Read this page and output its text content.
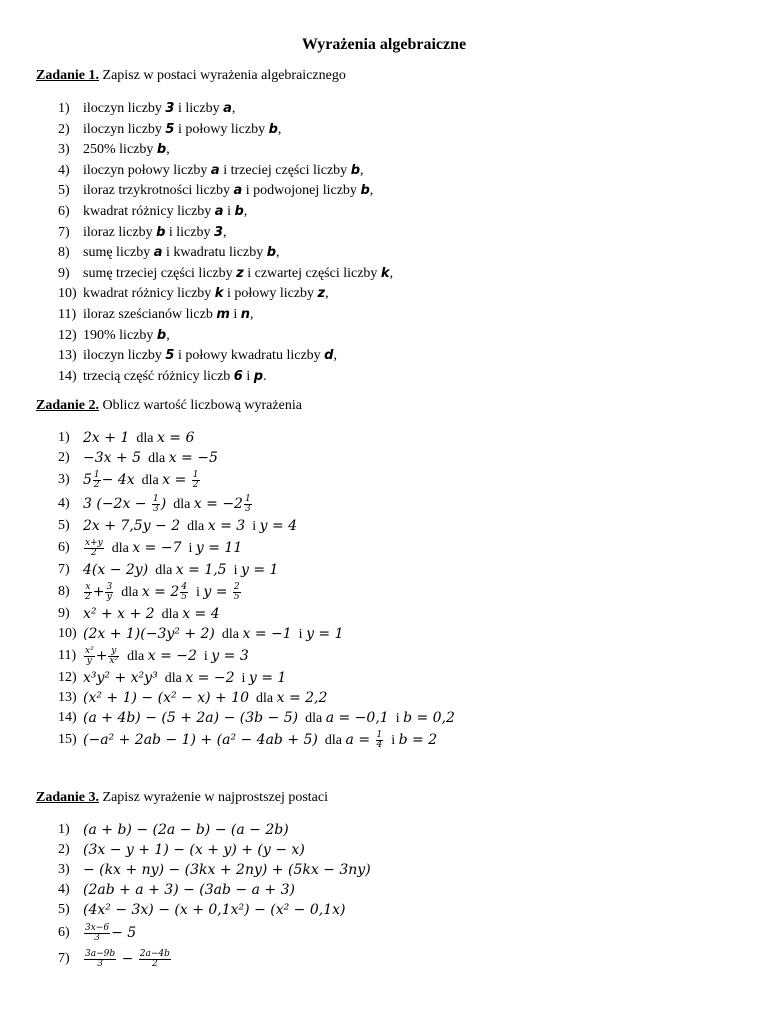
Wyrażenia algebraiczne
Zadanie 1. Zapisz w postaci wyrażenia algebraicznego
1) iloczyn liczby 3 i liczby a,
2) iloczyn liczby 5 i połowy liczby b,
3) 250% liczby b,
4) iloczyn połowy liczby a i trzeciej części liczby b,
5) iloraz trzykrotności liczby a i podwojonej liczby b,
6) kwadrat różnicy liczby a i b,
7) iloraz liczby b i liczby 3,
8) sumę liczby a i kwadratu liczby b,
9) sumę trzeciej części liczby z i czwartej części liczby k,
10) kwadrat różnicy liczby k i połowy liczby z,
11) iloraz sześcianów liczb m i n,
12) 190% liczby b,
13) iloczyn liczby 5 i połowy kwadratu liczby d,
14) trzecią część różnicy liczb 6 i p.
Zadanie 2. Oblicz wartość liczbową wyrażenia
1) 2x + 1  dla x = 6
2) −3x + 5  dla x = −5
3) $5 \frac{1}{2} - 4x$  dla $x = \frac{1}{2}$
4) 3 ($-2x - \frac{1}{3}$ )  dla $x = -2 \frac{1}{3}$
5) 2x + 7,5y − 2  dla x = 3  i y = 4
$6) \frac{x+y}{2}$ dla x = −7  i y = 11
7) 4(x − 2y)  dla x = 1,5  i y = 1
$8) \frac{x}{2} + \frac{3}{y}$ dla $x = 2 \frac{4}{5}$ i $y = \frac{2}{5}$
9) x² + x + 2  dla x = 4
10) (2x + 1)(−3y² + 2)  dla x = −1  i y = 1
$11) \frac{\text{x²}}{y} + \frac{y}{\text{x²}}$ dla x = −2  i y = 3
12) x³y² + x²y³  dla x = −2  i y = 1
13) (x² + 1) − (x² − x) + 10  dla x = 2,2
14) (a + 4b) − (5 + 2a) − (3b − 5)  dla a = −0,1  i b = 0,2
15) (−a² + 2ab − 1) + (a² − 4ab + 5)  dla $a = \frac{1}{4}$ i b = 2
Zadanie 3. Zapisz wyrażenie w najprostszej postaci
1) (a + b) − (2a − b) − (a − 2b)
2) (3x − y + 1) − (x + y) + (y − x)
3) − (kx + ny) − (3kx + 2ny) + (5kx − 3ny)
4) (2ab + a + 3) − (3ab − a + 3)
5) (4x² − 3x) − (x + 0,1x²) − (x² − 0,1x)
$6) \frac{3x-6}{3} - 5$
$7) \frac{3a-9b}{3} - \frac{2a-4b}{2}$
